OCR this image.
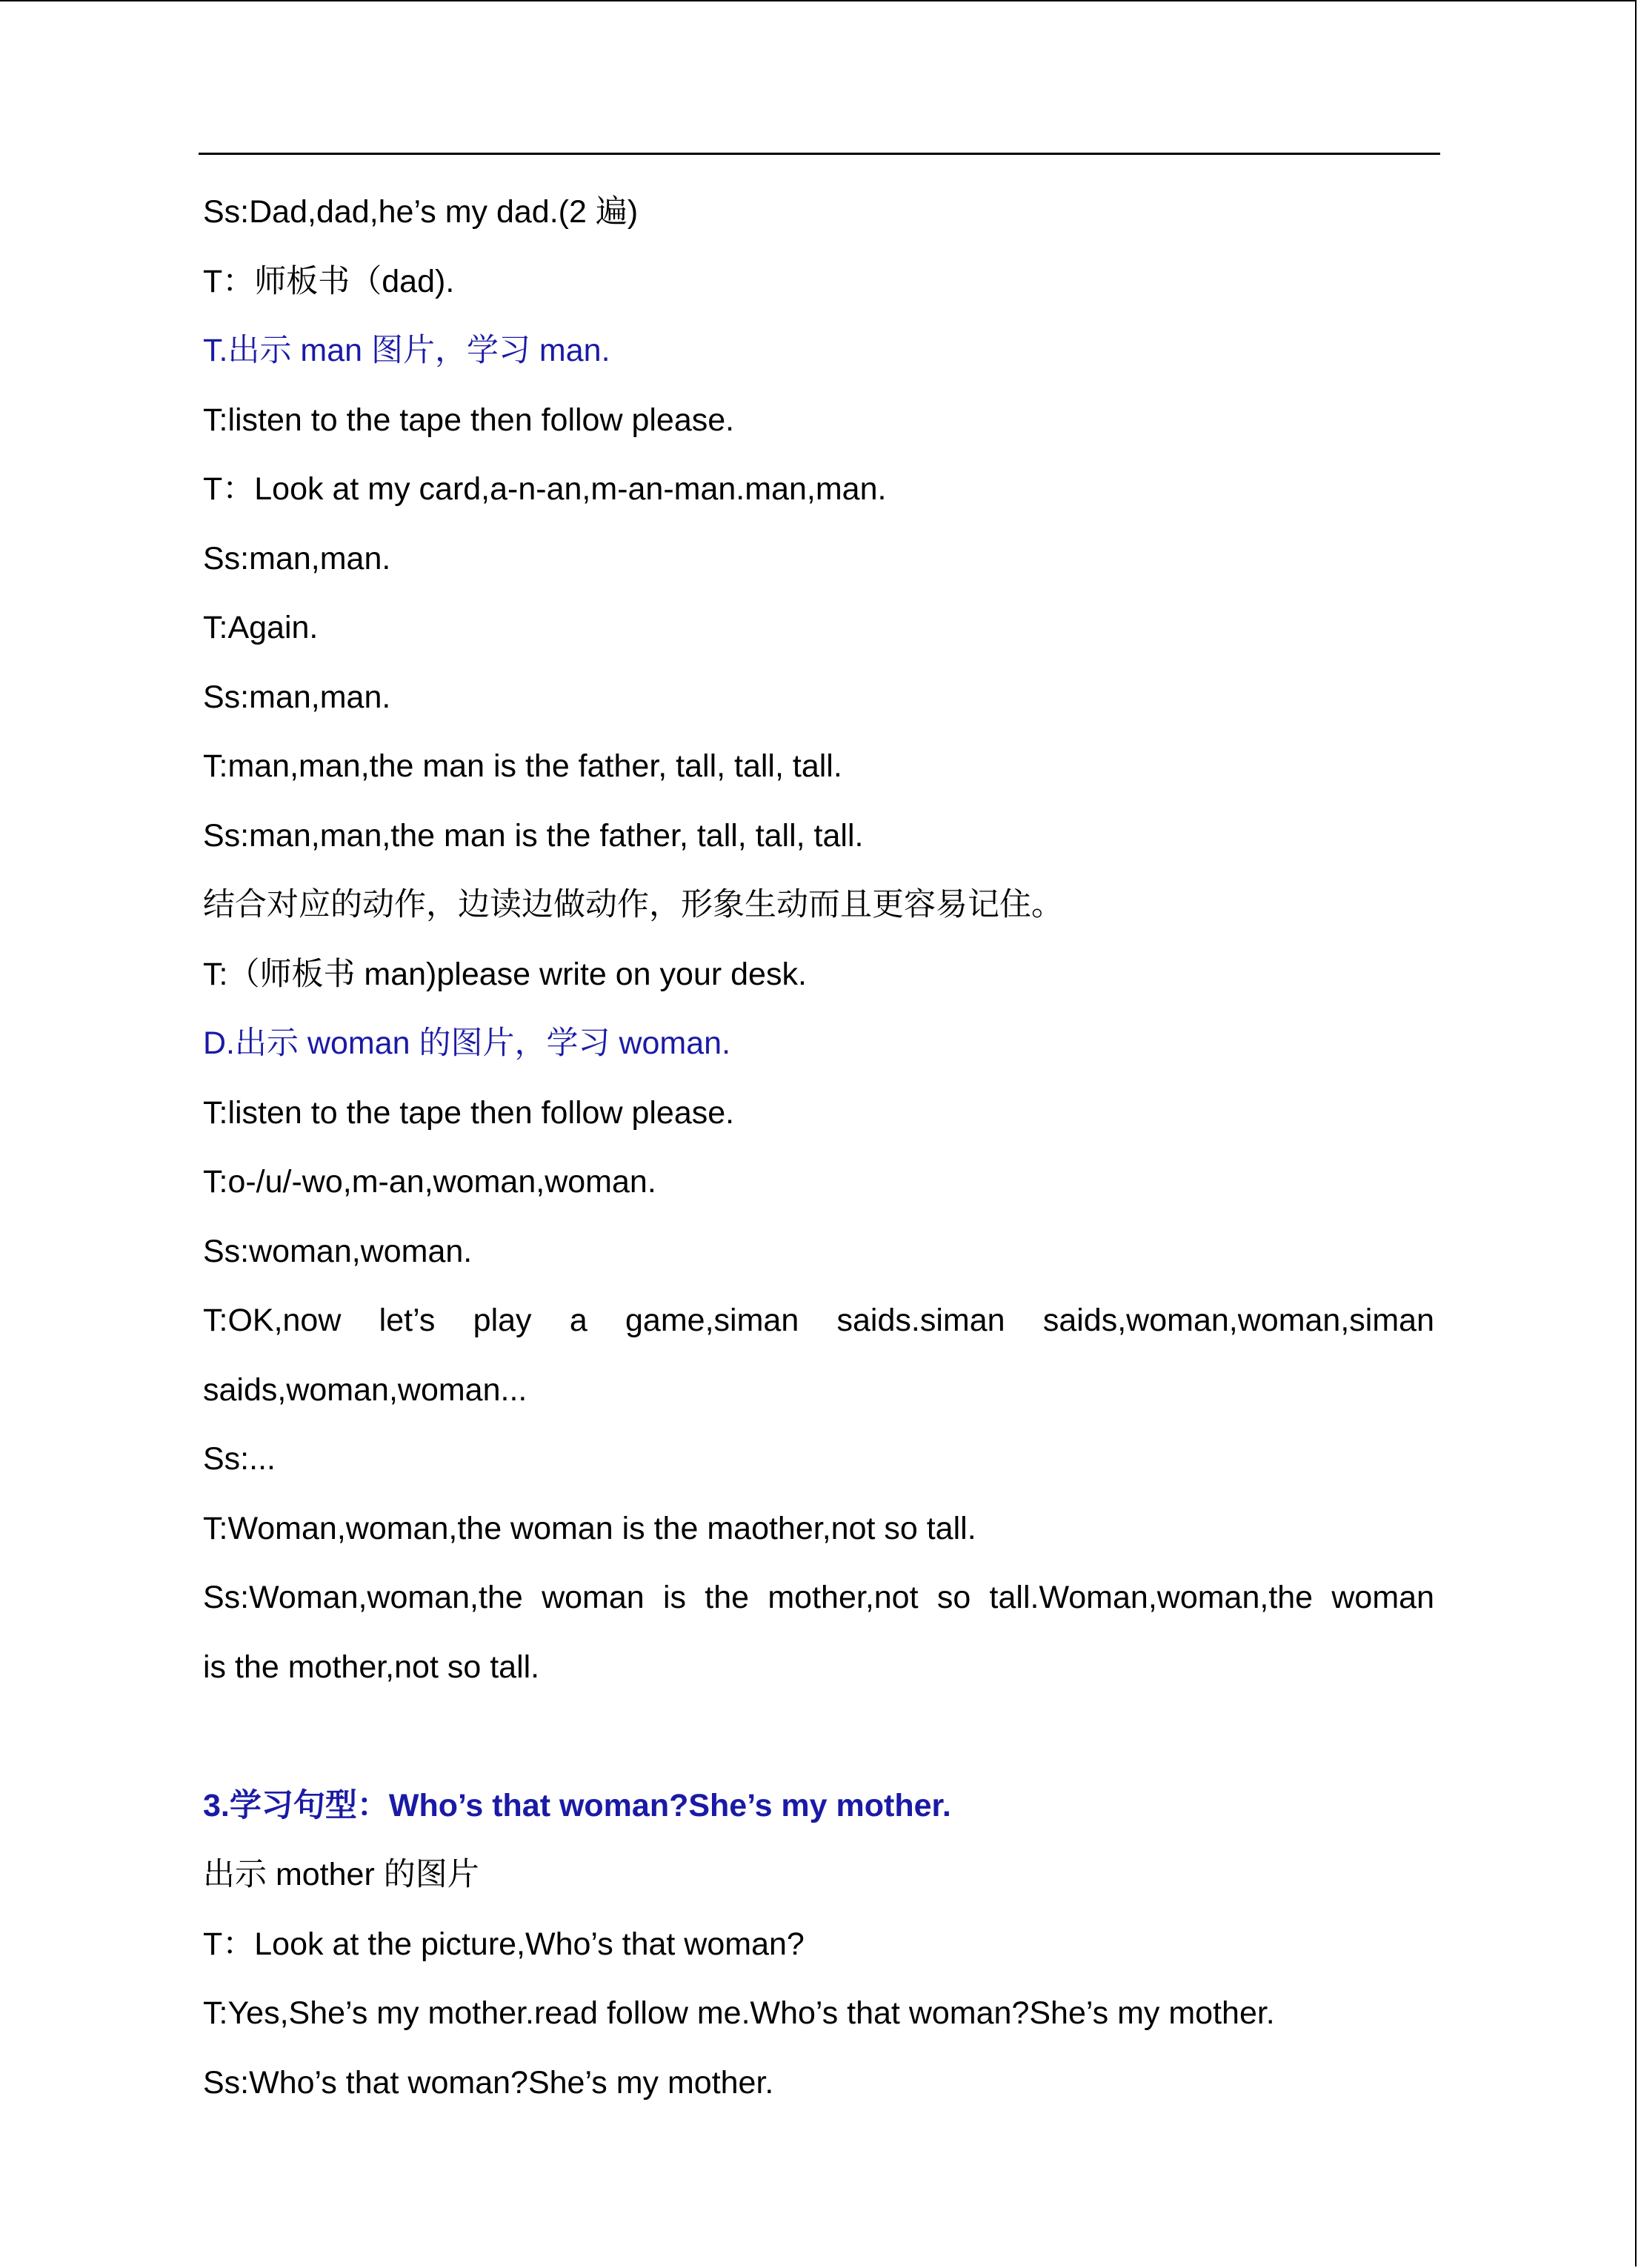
Ss:Dad,dad,he’s my dad.(2 遍)
T：师板书（dad).
T.出示 man 图片，学习 man.
T:listen to the tape then follow please.
T：Look at my card,a-n-an,m-an-man.man,man.
Ss:man,man.
T:Again.
Ss:man,man.
T:man,man,the man is the father, tall, tall, tall.
Ss:man,man,the man is the father, tall, tall, tall.
结合对应的动作，边读边做动作，形象生动而且更容易记住。
T:（师板书 man)please write on your desk.
D.出示 woman 的图片，学习 woman.
T:listen to the tape then follow please.
T:o-/u/-wo,m-an,woman,woman.
Ss:woman,woman.
T:OK,now let’s play a game,siman saids.siman saids,woman,woman,siman
saids,woman,woman...
Ss:...
T:Woman,woman,the woman is the maother,not so tall.
Ss:Woman,woman,the woman is the mother,not so tall.Woman,woman,the woman
is the mother,not so tall.
3.学习句型：Who’s that woman?She’s my mother.
出示 mother 的图片
T：Look at the picture,Who’s that woman?
T:Yes,She’s my mother.read follow me.Who’s that woman?She’s my mother.
Ss:Who’s that woman?She’s my mother.
